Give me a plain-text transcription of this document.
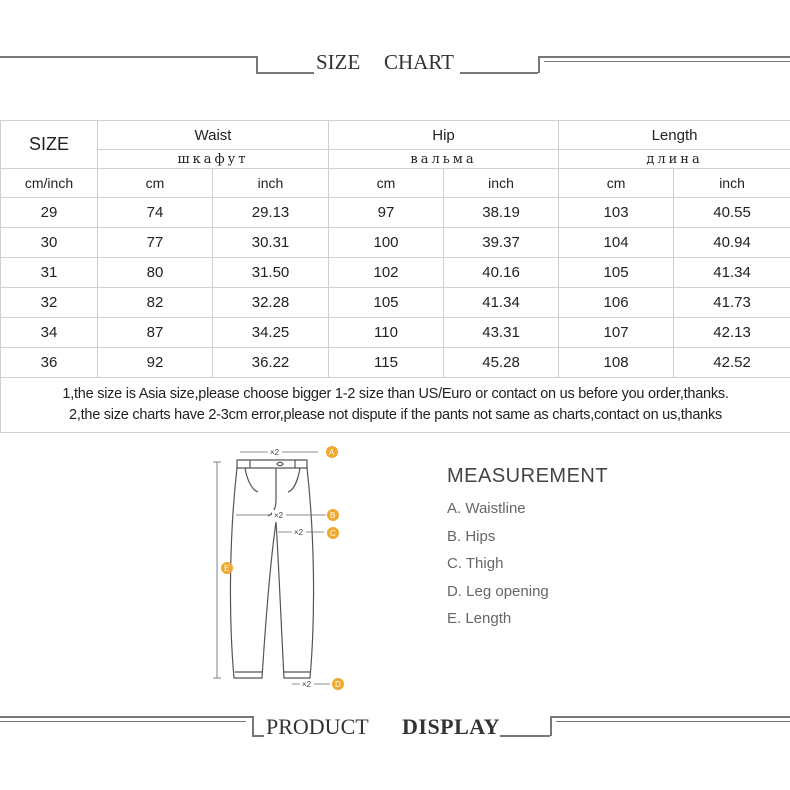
SIZE CHART
SIZE	Waist		Hip		Length	
	шкафут		вальма		длина	
cm/inch	cm	inch	cm	inch	cm	inch
29	74	29.13	97	38.19	103	40.55
30	77	30.31	100	39.37	104	40.94
31	80	31.50	102	40.16	105	41.34
32	82	32.28	105	41.34	106	41.73
34	87	34.25	110	43.31	107	42.13
36	92	36.22	115	45.28	108	42.52

1,the size is Asia size,please choose bigger 1-2 size than US/Euro or contact on us before you order,thanks.
2,the size charts have 2-3cm error,please not dispute if the pants not same as charts,contact on us,thanks						
×2	A
×2	B
×2	C
E
×2	D
MEASUREMENT
A. Waistline
B. Hips
C. Thigh
D. Leg opening
E. Length
PRODUCT DISPLAY
